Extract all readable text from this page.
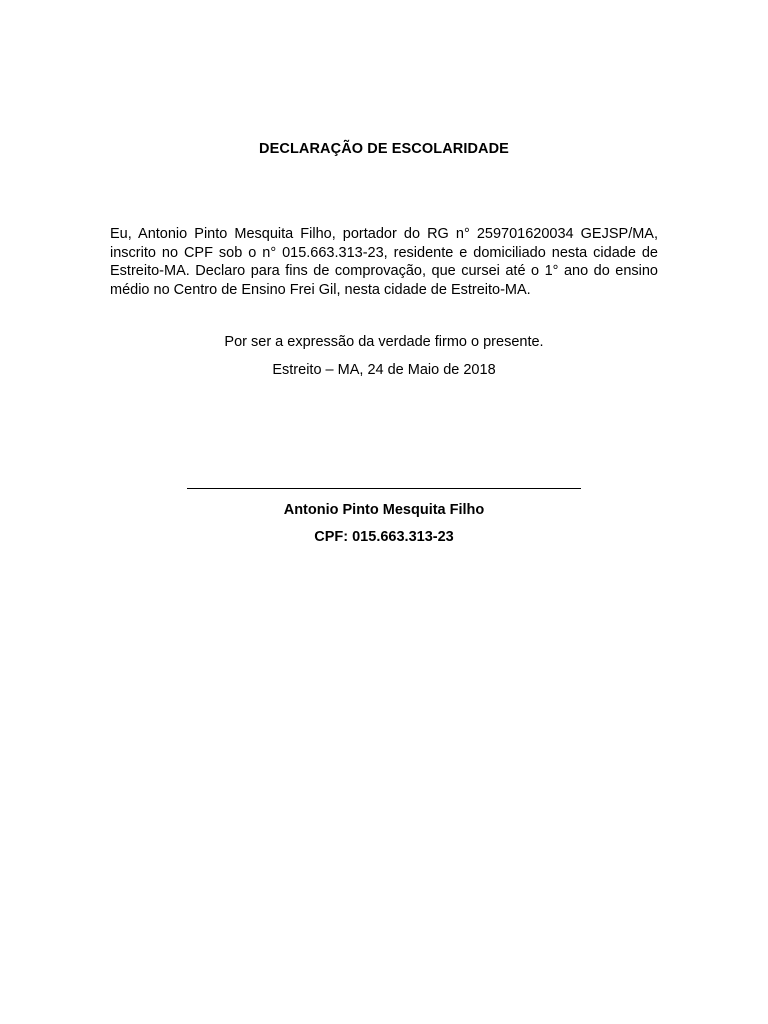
DECLARAÇÃO DE ESCOLARIDADE
Eu, Antonio Pinto Mesquita Filho, portador do RG n° 259701620034 GEJSP/MA, inscrito no CPF sob o n° 015.663.313-23, residente e domiciliado nesta cidade de Estreito-MA. Declaro para fins de comprovação, que cursei até o 1° ano do ensino médio no Centro de Ensino Frei Gil, nesta cidade de Estreito-MA.
Por ser a expressão da verdade firmo o presente.
Estreito – MA, 24 de Maio de 2018
Antonio Pinto Mesquita Filho
CPF: 015.663.313-23
